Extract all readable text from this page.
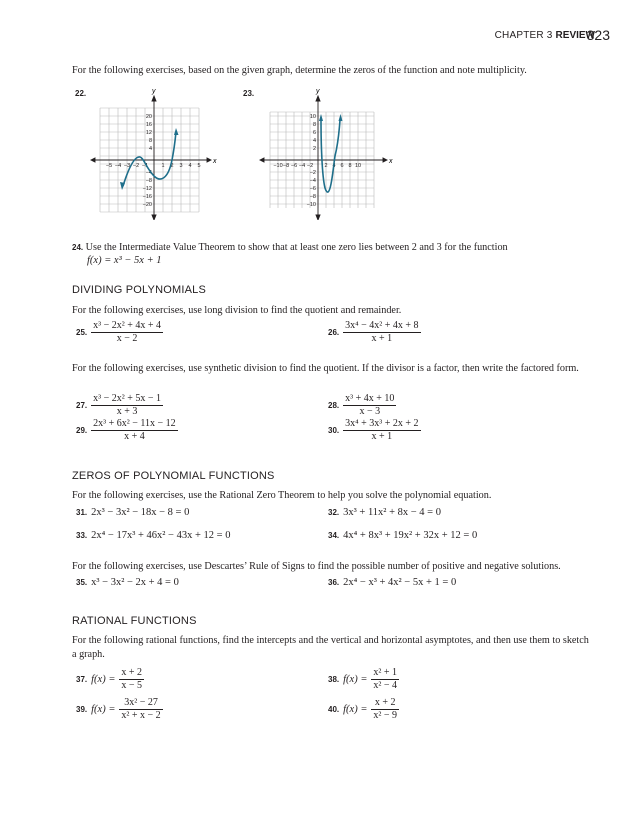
CHAPTER 3 REVIEW
323
For the following exercises, based on the given graph, determine the zeros of the function and note multiplicity.
22.
x
y
−5 −4 −3 −2 −1 1 2 3 4 5
20
16
12
8
4
−4
−8
−12
−16
−20
23.
x
y
−10 −8 −6 −4 −2 2 4 6 8 10
10
8
6
4
2
−2
−4
−6
−8
−10
24. Use the Intermediate Value Theorem to show that at least one zero lies between 2 and 3 for the function
f(x) = x³ − 5x + 1
DIVIDING POLYNOMIALS
For the following exercises, use long division to find the quotient and remainder.
25. $\frac{\text{x³ − 2x² + 4x + 4}}{x - 2}$	26. $\frac{\text{3x⁴ − 4x² + 4x + 8}}{x + 1}$
For the following exercises, use synthetic division to find the quotient. If the divisor is a factor, then write the factored form.
27. $\frac{\text{x³ − 2x² + 5x − 1}}{x + 3}$	28. $\frac{\text{x³ + 4x + 10}}{x - 3}$
29. $\frac{\text{2x³ + 6x² − 11x − 12}}{x + 4}$	30. $\frac{\text{3x⁴ + 3x³ + 2x + 2}}{x + 1}$
ZEROS OF POLYNOMIAL FUNCTIONS
For the following exercises, use the Rational Zero Theorem to help you solve the polynomial equation.
31. 2x³ − 3x² − 18x − 8 = 0	32. 3x³ + 11x² + 8x − 4 = 0
33. 2x⁴ − 17x³ + 46x² − 43x + 12 = 0	34. 4x⁴ + 8x³ + 19x² + 32x + 12 = 0
For the following exercises, use Descartes’ Rule of Signs to find the possible number of positive and negative solutions.
35. x³ − 3x² − 2x + 4 = 0	36. 2x⁴ − x³ + 4x² − 5x + 1 = 0
RATIONAL FUNCTIONS
For the following rational functions, find the intercepts and the vertical and horizontal asymptotes, and then use them to sketch a graph.
37. $f(x) = \frac{x + 2}{x - 5}$	38. $f(x) = \frac{\text{x² + 1}}{\text{x² − 4}}$
39. $f(x) = \frac{\text{3x² − 27}}{\text{x² + x − 2}}$	40. $f(x) = \frac{x + 2}{\text{x² − 9}}$
